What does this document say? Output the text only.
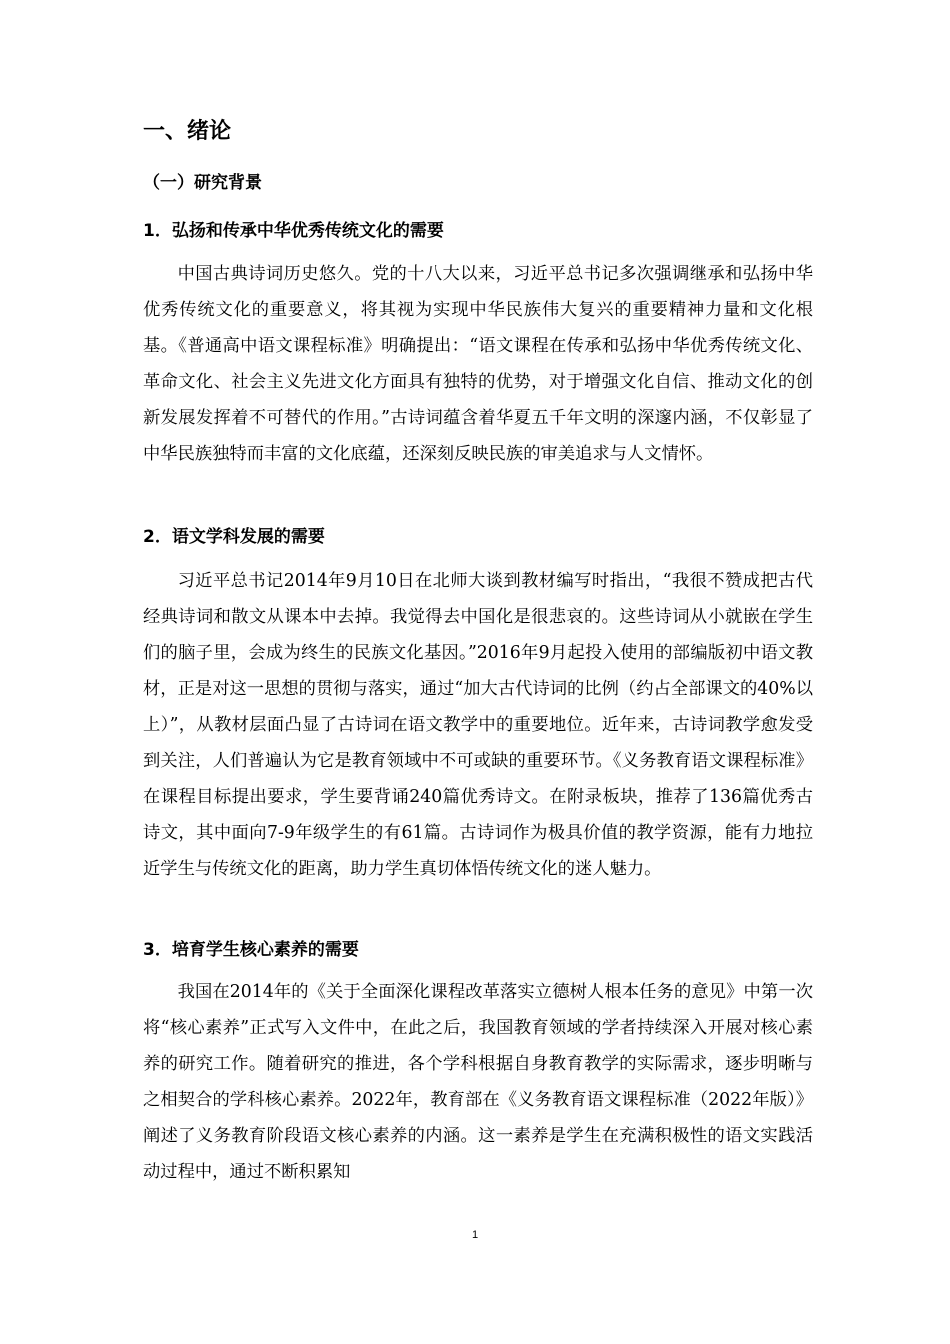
一、绪论
（一）研究背景
1．弘扬和传承中华优秀传统文化的需要

中国古典诗词历史悠久。党的十八大以来，习近平总书记多次强调继承和弘扬中华优秀传统文化的重要意义，将其视为实现中华民族伟大复兴的重要精神力量和文化根基。《普通高中语文课程标准》明确提出：“语文课程在传承和弘扬中华优秀传统文化、革命文化、社会主义先进文化方面具有独特的优势，对于增强文化自信、推动文化的创新发展发挥着不可替代的作用。”古诗词蕴含着华夏五千年文明的深邃内涵，不仅彰显了中华民族独特而丰富的文化底蕴，还深刻反映民族的审美追求与人文情怀。

2．语文学科发展的需要

习近平总书记2014年9月10日在北师大谈到教材编写时指出，“我很不赞成把古代经典诗词和散文从课本中去掉。我觉得去中国化是很悲哀的。这些诗词从小就嵌在学生们的脑子里，会成为终生的民族文化基因。”2016年9月起投入使用的部编版初中语文教材，正是对这一思想的贯彻与落实，通过“加大古代诗词的比例（约占全部课文的40%以上）”，从教材层面凸显了古诗词在语文教学中的重要地位。近年来，古诗词教学愈发受到关注，人们普遍认为它是教育领域中不可或缺的重要环节。《义务教育语文课程标准》在课程目标提出要求，学生要背诵240篇优秀诗文。在附录板块，推荐了136篇优秀古诗文，其中面向7-9年级学生的有61篇。古诗词作为极具价值的教学资源，能有力地拉近学生与传统文化的距离，助力学生真切体悟传统文化的迷人魅力。

3．培育学生核心素养的需要

我国在2014年的《关于全面深化课程改革落实立德树人根本任务的意见》中第一次将“核心素养”正式写入文件中，在此之后，我国教育领域的学者持续深入开展对核心素养的研究工作。随着研究的推进，各个学科根据自身教育教学的实际需求，逐步明晰与之相契合的学科核心素养。2022年，教育部在《义务教育语文课程标准（2022年版）》阐述了义务教育阶段语文核心素养的内涵。这一素养是学生在充满积极性的语文实践活动过程中，通过不断积累知

1
